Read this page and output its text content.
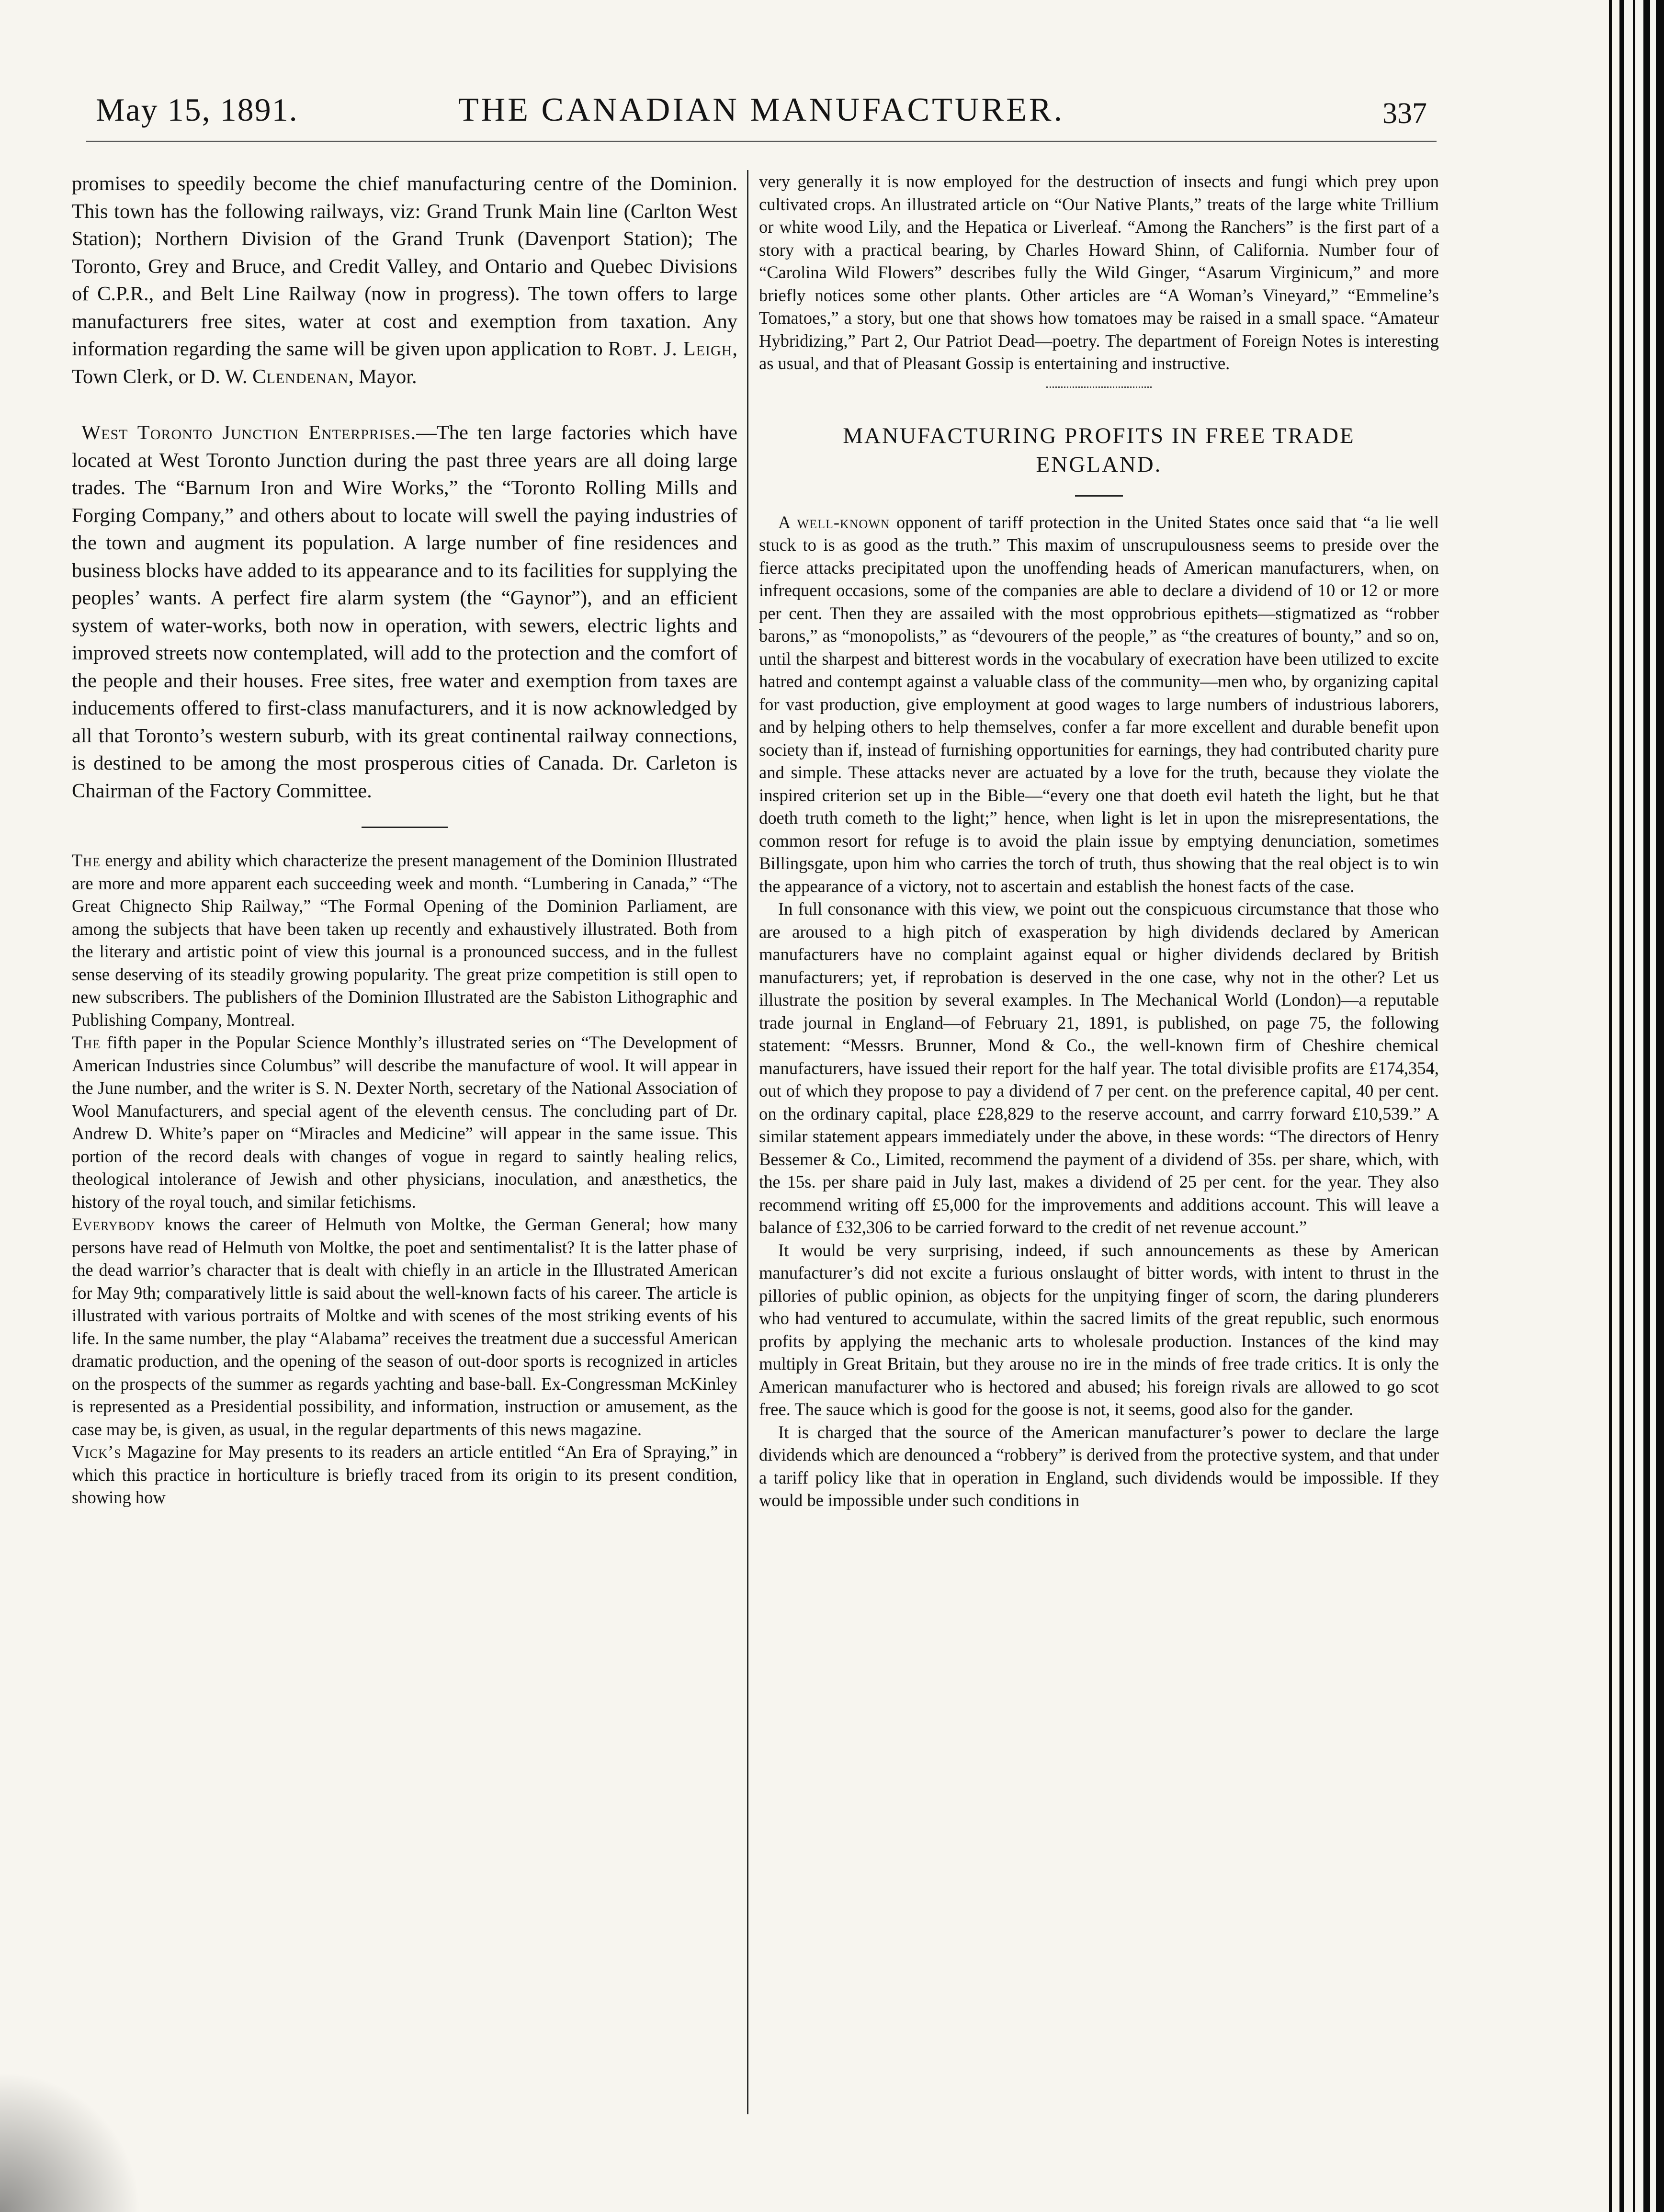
May 15, 1891.	THE CANADIAN MANUFACTURER.	337

promises to speedily become the chief manufacturing centre of the Dominion. This town has the following railways, viz: Grand Trunk Main line (Carlton West Station); Northern Division of the Grand Trunk (Davenport Station); The Toronto, Grey and Bruce, and Credit Valley, and Ontario and Quebec Divisions of C.P.R., and Belt Line Railway (now in progress). The town offers to large manufacturers free sites, water at cost and exemption from taxation. Any information regarding the same will be given upon application to Robt. J. Leigh, Town Clerk, or D. W. Clendenan, Mayor.

West Toronto Junction Enterprises.—The ten large factories which have located at West Toronto Junction during the past three years are all doing large trades. The “Barnum Iron and Wire Works,” the “Toronto Rolling Mills and Forging Company,” and others about to locate will swell the paying industries of the town and augment its population. A large number of fine residences and business blocks have added to its appearance and to its facilities for supplying the peoples’ wants. A perfect fire alarm system (the “Gaynor”), and an efficient system of water-works, both now in operation, with sewers, electric lights and improved streets now contemplated, will add to the protection and the comfort of the people and their houses. Free sites, free water and exemption from taxes are inducements offered to first-class manufacturers, and it is now acknowledged by all that Toronto’s western suburb, with its great continental railway connections, is destined to be among the most prosperous cities of Canada. Dr. Carleton is Chairman of the Factory Committee.

The energy and ability which characterize the present management of the Dominion Illustrated are more and more apparent each succeeding week and month. “Lumbering in Canada,” “The Great Chignecto Ship Railway,” “The Formal Opening of the Dominion Parliament, are among the subjects that have been taken up recently and exhaustively illustrated. Both from the literary and artistic point of view this journal is a pronounced success, and in the fullest sense deserving of its steadily growing popularity. The great prize competition is still open to new subscribers. The publishers of the Dominion Illustrated are the Sabiston Lithographic and Publishing Company, Montreal.

The fifth paper in the Popular Science Monthly’s illustrated series on “The Development of American Industries since Columbus” will describe the manufacture of wool. It will appear in the June number, and the writer is S. N. Dexter North, secretary of the National Association of Wool Manufacturers, and special agent of the eleventh census. The concluding part of Dr. Andrew D. White’s paper on “Miracles and Medicine” will appear in the same issue. This portion of the record deals with changes of vogue in regard to saintly healing relics, theological intolerance of Jewish and other physicians, inoculation, and anæsthetics, the history of the royal touch, and similar fetichisms.

Everybody knows the career of Helmuth von Moltke, the German General; how many persons have read of Helmuth von Moltke, the poet and sentimentalist? It is the latter phase of the dead warrior’s character that is dealt with chiefly in an article in the Illustrated American for May 9th; comparatively little is said about the well-known facts of his career. The article is illustrated with various portraits of Moltke and with scenes of the most striking events of his life. In the same number, the play “Alabama” receives the treatment due a successful American dramatic production, and the opening of the season of out-door sports is recognized in articles on the prospects of the summer as regards yachting and base-ball. Ex-Congressman McKinley is represented as a Presidential possibility, and information, instruction or amusement, as the case may be, is given, as usual, in the regular departments of this news magazine.

Vick’s Magazine for May presents to its readers an article entitled “An Era of Spraying,” in which this practice in horticulture is briefly traced from its origin to its present condition, showing how

very generally it is now employed for the destruction of insects and fungi which prey upon cultivated crops. An illustrated article on “Our Native Plants,” treats of the large white Trillium or white wood Lily, and the Hepatica or Liverleaf. “Among the Ranchers” is the first part of a story with a practical bearing, by Charles Howard Shinn, of California. Number four of “Carolina Wild Flowers” describes fully the Wild Ginger, “Asarum Virginicum,” and more briefly notices some other plants. Other articles are “A Woman’s Vineyard,” “Emmeline’s Tomatoes,” a story, but one that shows how tomatoes may be raised in a small space. “Amateur Hybridizing,” Part 2, Our Patriot Dead—poetry. The department of Foreign Notes is interesting as usual, and that of Pleasant Gossip is entertaining and instructive.

MANUFACTURING PROFITS IN FREE TRADE
ENGLAND.

A well-known opponent of tariff protection in the United States once said that “a lie well stuck to is as good as the truth.” This maxim of unscrupulousness seems to preside over the fierce attacks precipitated upon the unoffending heads of American manufacturers, when, on infrequent occasions, some of the companies are able to declare a dividend of 10 or 12 or more per cent. Then they are assailed with the most opprobrious epithets—stigmatized as “robber barons,” as “monopolists,” as “devourers of the people,” as “the creatures of bounty,” and so on, until the sharpest and bitterest words in the vocabulary of execration have been utilized to excite hatred and contempt against a valuable class of the community—men who, by organizing capital for vast production, give employment at good wages to large numbers of industrious laborers, and by helping others to help themselves, confer a far more excellent and durable benefit upon society than if, instead of furnishing opportunities for earnings, they had contributed charity pure and simple. These attacks never are actuated by a love for the truth, because they violate the inspired criterion set up in the Bible—“every one that doeth evil hateth the light, but he that doeth truth cometh to the light;” hence, when light is let in upon the misrepresentations, the common resort for refuge is to avoid the plain issue by emptying denunciation, sometimes Billingsgate, upon him who carries the torch of truth, thus showing that the real object is to win the appearance of a victory, not to ascertain and establish the honest facts of the case.

In full consonance with this view, we point out the conspicuous circumstance that those who are aroused to a high pitch of exasperation by high dividends declared by American manufacturers have no complaint against equal or higher dividends declared by British manufacturers; yet, if reprobation is deserved in the one case, why not in the other? Let us illustrate the position by several examples. In The Mechanical World (London)—a reputable trade journal in England—of February 21, 1891, is published, on page 75, the following statement: “Messrs. Brunner, Mond & Co., the well-known firm of Cheshire chemical manufacturers, have issued their report for the half year. The total divisible profits are £174,354, out of which they propose to pay a dividend of 7 per cent. on the preference capital, 40 per cent. on the ordinary capital, place £28,829 to the reserve account, and carrry forward £10,539.” A similar statement appears immediately under the above, in these words: “The directors of Henry Bessemer & Co., Limited, recommend the payment of a dividend of 35s. per share, which, with the 15s. per share paid in July last, makes a dividend of 25 per cent. for the year. They also recommend writing off £5,000 for the improvements and additions account. This will leave a balance of £32,306 to be carried forward to the credit of net revenue account.”

It would be very surprising, indeed, if such announcements as these by American manufacturer’s did not excite a furious onslaught of bitter words, with intent to thrust in the pillories of public opinion, as objects for the unpitying finger of scorn, the daring plunderers who had ventured to accumulate, within the sacred limits of the great republic, such enormous profits by applying the mechanic arts to wholesale production. Instances of the kind may multiply in Great Britain, but they arouse no ire in the minds of free trade critics. It is only the American manufacturer who is hectored and abused; his foreign rivals are allowed to go scot free. The sauce which is good for the goose is not, it seems, good also for the gander.

It is charged that the source of the American manufacturer’s power to declare the large dividends which are denounced a “robbery” is derived from the protective system, and that under a tariff policy like that in operation in England, such dividends would be impossible. If they would be impossible under such conditions in
